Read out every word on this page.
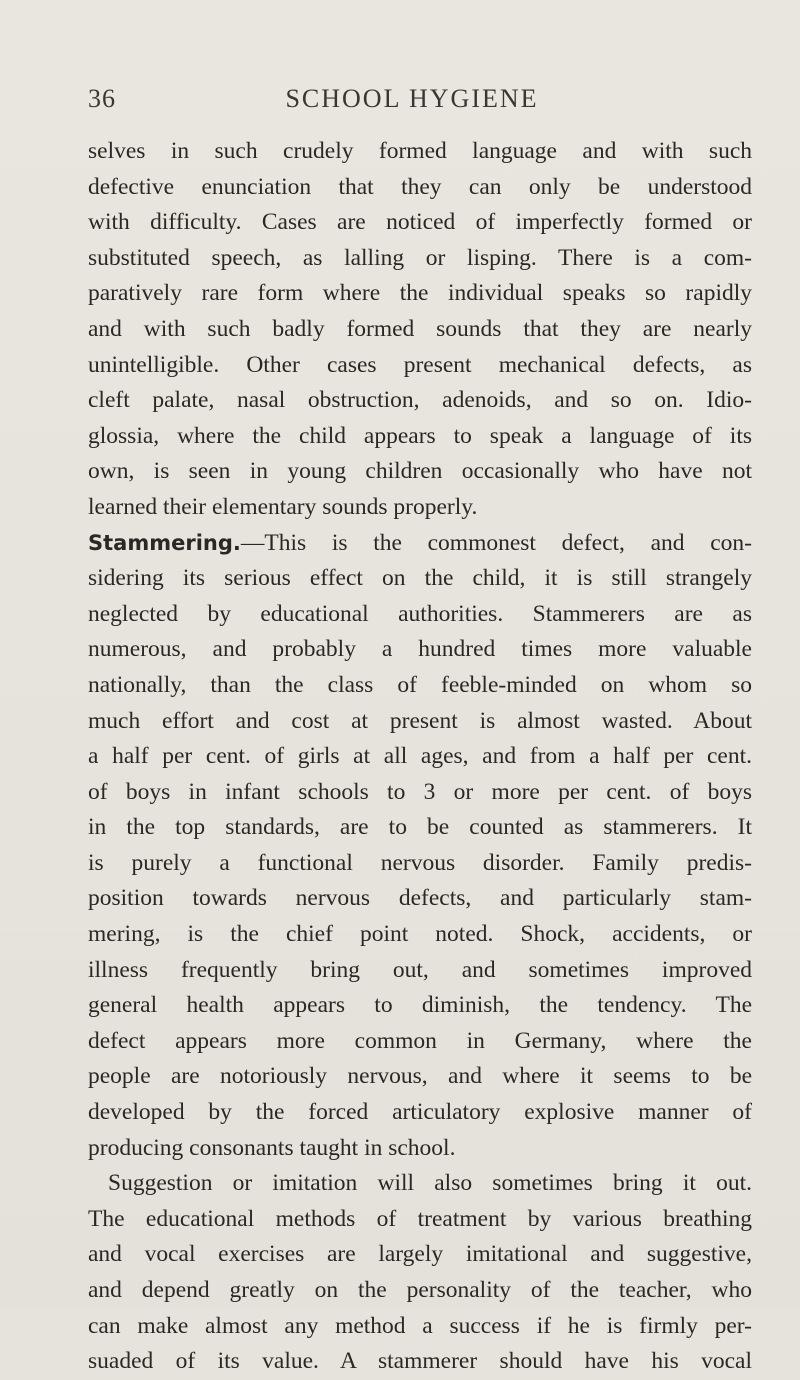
36	SCHOOL HYGIENE
selves in such crudely formed language and with such
defective enunciation that they can only be understood
with difficulty. Cases are noticed of imperfectly formed or
substituted speech, as lalling or lisping. There is a com-
paratively rare form where the individual speaks so rapidly
and with such badly formed sounds that they are nearly
unintelligible. Other cases present mechanical defects, as
cleft palate, nasal obstruction, adenoids, and so on. Idio-
glossia, where the child appears to speak a language of its
own, is seen in young children occasionally who have not
learned their elementary sounds properly.
Stammering.—This is the commonest defect, and con-
sidering its serious effect on the child, it is still strangely
neglected by educational authorities. Stammerers are as
numerous, and probably a hundred times more valuable
nationally, than the class of feeble-minded on whom so
much effort and cost at present is almost wasted. About
a half per cent. of girls at all ages, and from a half per cent.
of boys in infant schools to 3 or more per cent. of boys
in the top standards, are to be counted as stammerers. It
is purely a functional nervous disorder. Family predis-
position towards nervous defects, and particularly stam-
mering, is the chief point noted. Shock, accidents, or
illness frequently bring out, and sometimes improved
general health appears to diminish, the tendency. The
defect appears more common in Germany, where the
people are notoriously nervous, and where it seems to be
developed by the forced articulatory explosive manner of
producing consonants taught in school.
Suggestion or imitation will also sometimes bring it out.
The educational methods of treatment by various breathing
and vocal exercises are largely imitational and suggestive,
and depend greatly on the personality of the teacher, who
can make almost any method a success if he is firmly per-
suaded of its value. A stammerer should have his vocal
